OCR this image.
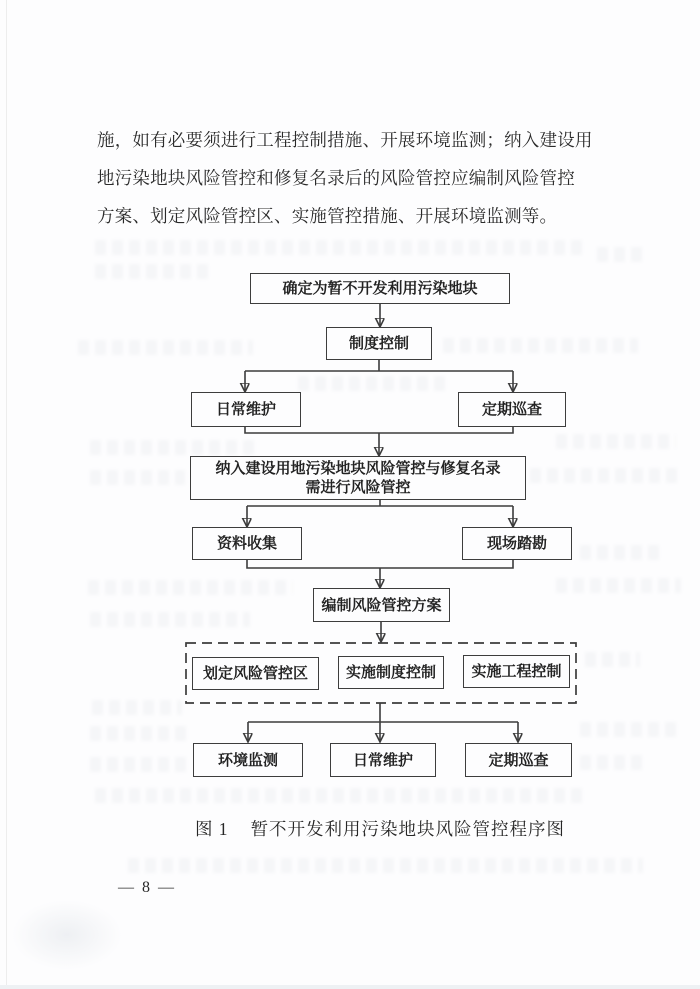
施，如有必要须进行工程控制措施、开展环境监测；纳入建设用
地污染地块风险管控和修复名录后的风险管控应编制风险管控
方案、划定风险管控区、实施管控措施、开展环境监测等。
确定为暂不开发利用污染地块
制度控制
日常维护	定期巡查
纳入建设用地污染地块风险管控与修复名录
需进行风险管控
资料收集	现场踏勘
编制风险管控方案
划定风险管控区	实施制度控制	实施工程控制
环境监测	日常维护	定期巡查
图 1 暂不开发利用污染地块风险管控程序图
— 8 —
